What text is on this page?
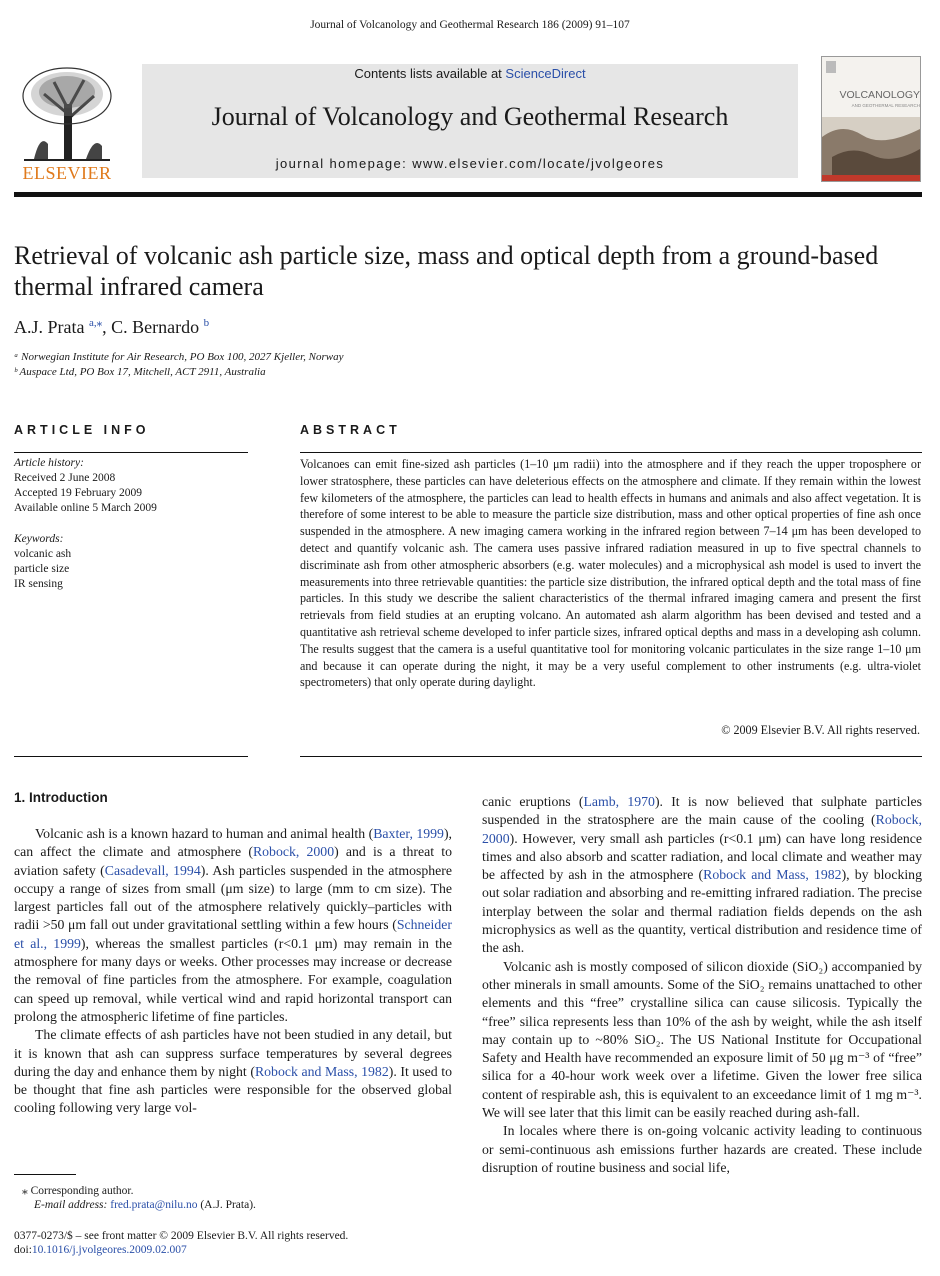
Journal of Volcanology and Geothermal Research 186 (2009) 91–107
ELSEVIER
Contents lists available at ScienceDirect
Journal of Volcanology and Geothermal Research
journal homepage: www.elsevier.com/locate/jvolgeores
VOLCANOLOGY
AND GEOTHERMAL RESEARCH
Retrieval of volcanic ash particle size, mass and optical depth from a ground-based thermal infrared camera
A.J. Prata $^{a,⁎}$, C. Bernardo $^b$
ᵃ Norwegian Institute for Air Research, PO Box 100, 2027 Kjeller, Norway
ᵇ Auspace Ltd, PO Box 17, Mitchell, ACT 2911, Australia
ARTICLE INFO	ABSTRACT
Article history:
Received 2 June 2008
Accepted 19 February 2009
Available online 5 March 2009
Keywords:
volcanic ash
particle size
IR sensing
Volcanoes can emit fine-sized ash particles (1–10 μm radii) into the atmosphere and if they reach the upper troposphere or lower stratosphere, these particles can have deleterious effects on the atmosphere and climate. If they remain within the lowest few kilometers of the atmosphere, the particles can lead to health effects in humans and animals and also affect vegetation. It is therefore of some interest to be able to measure the particle size distribution, mass and other optical properties of fine ash once suspended in the atmosphere. A new imaging camera working in the infrared region between 7–14 μm has been developed to detect and quantify volcanic ash. The camera uses passive infrared radiation measured in up to five spectral channels to discriminate ash from other atmospheric absorbers (e.g. water molecules) and a microphysical ash model is used to invert the measurements into three retrievable quantities: the particle size distribution, the infrared optical depth and the total mass of fine particles. In this study we describe the salient characteristics of the thermal infrared imaging camera and present the first retrievals from field studies at an erupting volcano. An automated ash alarm algorithm has been devised and tested and a quantitative ash retrieval scheme developed to infer particle sizes, infrared optical depths and mass in a developing ash column. The results suggest that the camera is a useful quantitative tool for monitoring volcanic particulates in the size range 1–10 μm and because it can operate during the night, it may be a very useful complement to other instruments (e.g. ultra-violet spectrometers) that only operate during daylight.
© 2009 Elsevier B.V. All rights reserved.
1. Introduction

Volcanic ash is a known hazard to human and animal health (Baxter, 1999), can affect the climate and atmosphere (Robock, 2000) and is a threat to aviation safety (Casadevall, 1994). Ash particles suspended in the atmosphere occupy a range of sizes from small (μm size) to large (mm to cm size). The largest particles fall out of the atmosphere relatively quickly–particles with radii >50 μm fall out under gravitational settling within a few hours (Schneider et al., 1999), whereas the smallest particles (r<0.1 μm) may remain in the atmosphere for many days or weeks. Other processes may increase or decrease the removal of fine particles from the atmosphere. For example, coagulation can speed up removal, while vertical wind and rapid horizontal transport can prolong the atmospheric lifetime of fine particles.

The climate effects of ash particles have not been studied in any detail, but it is known that ash can suppress surface temperatures by several degrees during the day and enhance them by night (Robock and Mass, 1982). It used to be thought that fine ash particles were responsible for the observed global cooling following very large vol-

canic eruptions (Lamb, 1970). It is now believed that sulphate particles suspended in the stratosphere are the main cause of the cooling (Robock, 2000). However, very small ash particles (r<0.1 μm) can have long residence times and also absorb and scatter radiation, and local climate and weather may be affected by ash in the atmosphere (Robock and Mass, 1982), by blocking out solar radiation and absorbing and re-emitting infrared radiation. The precise interplay between the solar and thermal radiation fields depends on the ash microphysics as well as the quantity, vertical distribution and residence time of the ash.

Volcanic ash is mostly composed of silicon dioxide (SiO₂) accompanied by other minerals in small amounts. Some of the SiO₂ remains unattached to other elements and this “free” crystalline silica can cause silicosis. Typically the “free” silica represents less than 10% of the ash by weight, while the ash itself may contain up to ~80% SiO₂. The US National Institute for Occupational Safety and Health have recommended an exposure limit of 50 μg m⁻³ of “free” silica for a 40-hour work week over a lifetime. Given the lower free silica content of respirable ash, this is equivalent to an exceedance limit of 1 mg m⁻³. We will see later that this limit can be easily reached during ash-fall.

In locales where there is on-going volcanic activity leading to continuous or semi-continuous ash emissions further hazards are created. These include disruption of routine business and social life,

⁎ Corresponding author.
E-mail address: fred.prata@nilu.no (A.J. Prata).
0377-0273/$ – see front matter © 2009 Elsevier B.V. All rights reserved.
doi:10.1016/j.jvolgeores.2009.02.007
